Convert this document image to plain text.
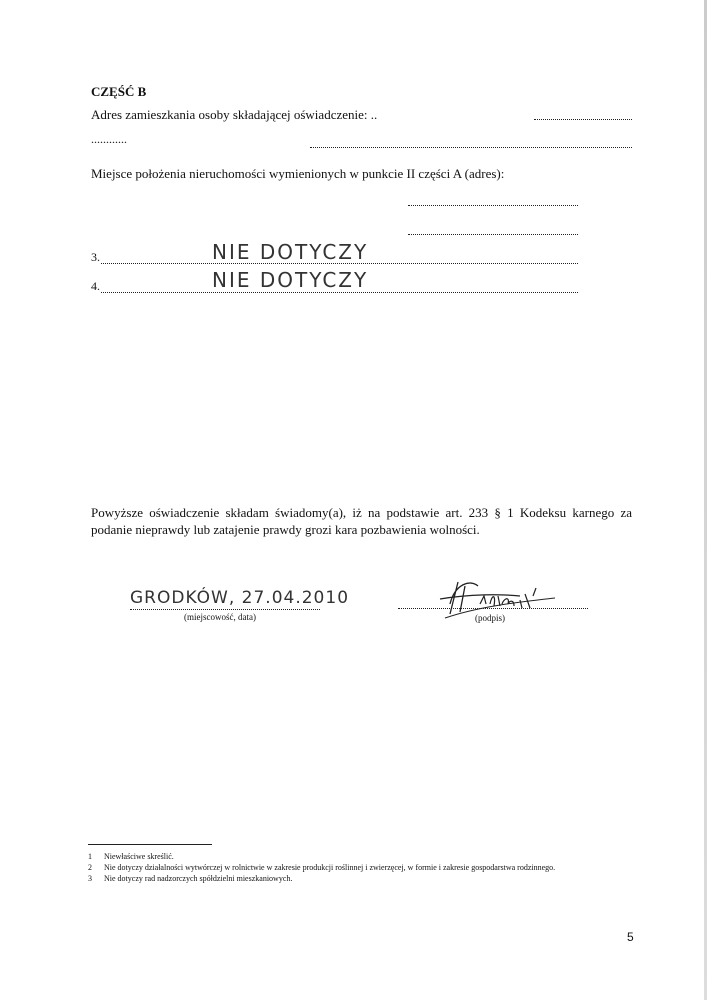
CZĘŚĆ B
Adres zamieszkania osoby składającej oświadczenie: ..
............
Miejsce położenia nieruchomości wymienionych w punkcie II części A (adres):
3.	NIE DOTYCZY
4.	NIE DOTYCZY
Powyższe oświadczenie składam świadomy(a), iż na podstawie art. 233 § 1 Kodeksu karnego za podanie nieprawdy lub zatajenie prawdy grozi kara pozbawienia wolności.
GRODKÓW, 27.04.2010
(miejscowość, data)	(podpis)
1 Niewłaściwe skreślić.
2 Nie dotyczy działalności wytwórczej w rolnictwie w zakresie produkcji roślinnej i zwierzęcej, w formie i zakresie gospodarstwa rodzinnego.
3 Nie dotyczy rad nadzorczych spółdzielni mieszkaniowych.
5
